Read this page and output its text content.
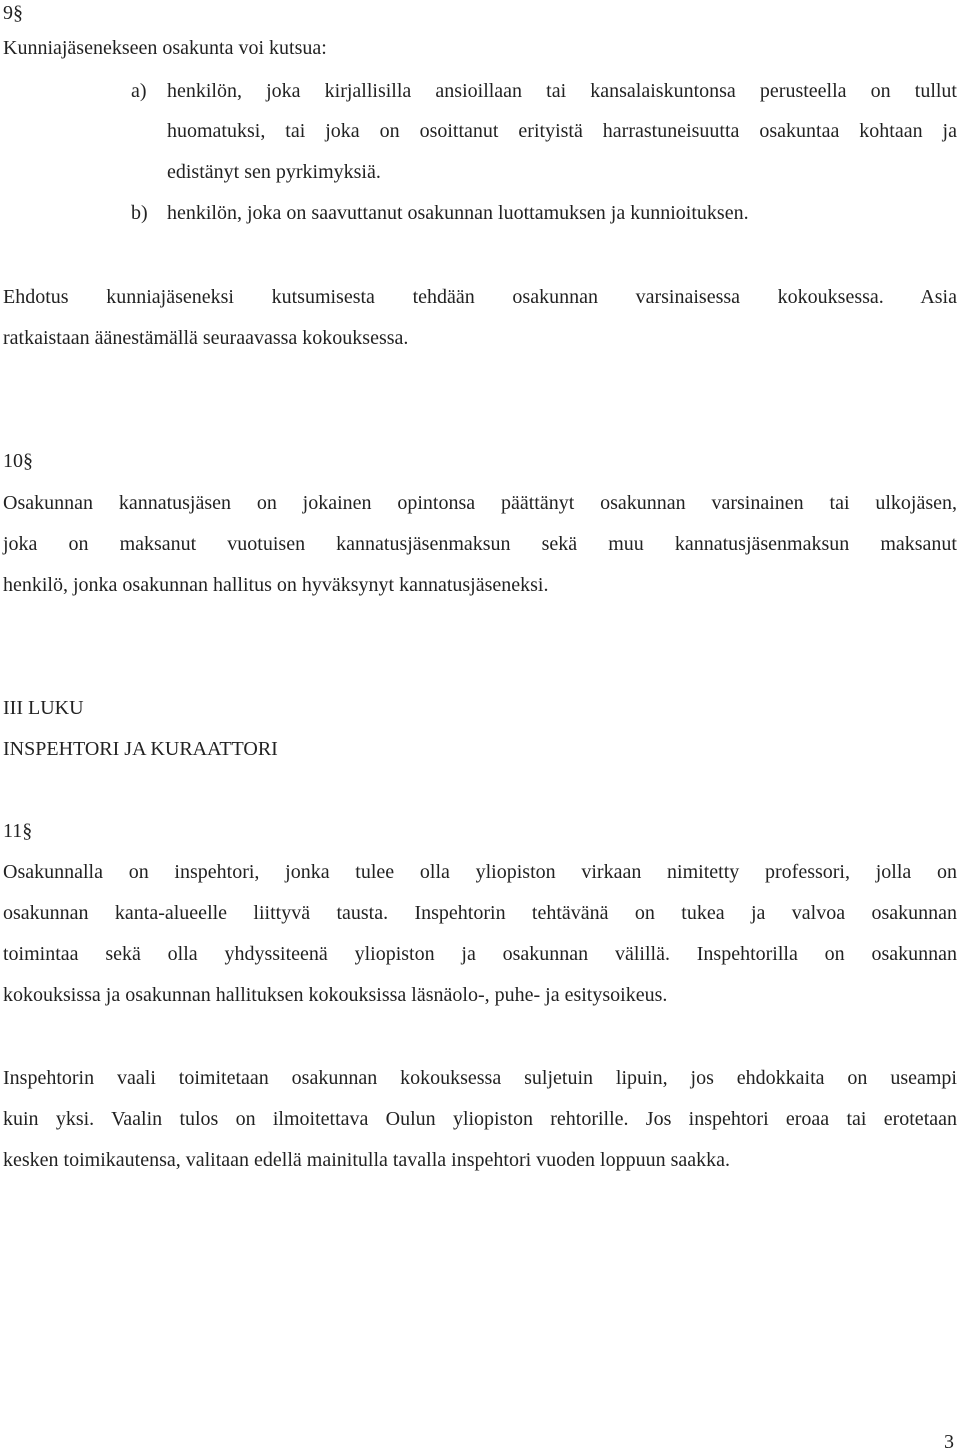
9§
Kunniajäsenekseen osakunta voi kutsua:
a) henkilön, joka kirjallisilla ansioillaan tai kansalaiskuntonsa perusteella on tullut
huomatuksi, tai joka on osoittanut erityistä harrastuneisuutta osakuntaa kohtaan ja
edistänyt sen pyrkimyksiä.
b) henkilön, joka on saavuttanut osakunnan luottamuksen ja kunnioituksen.
Ehdotus kunniajäseneksi kutsumisesta tehdään osakunnan varsinaisessa kokouksessa. Asia
ratkaistaan äänestämällä seuraavassa kokouksessa.
10§
Osakunnan kannatusjäsen on jokainen opintonsa päättänyt osakunnan varsinainen tai ulkojäsen,
joka on maksanut vuotuisen kannatusjäsenmaksun sekä muu kannatusjäsenmaksun maksanut
henkilö, jonka osakunnan hallitus on hyväksynyt kannatusjäseneksi.
III LUKU
INSPEHTORI JA KURAATTORI
11§
Osakunnalla on inspehtori, jonka tulee olla yliopiston virkaan nimitetty professori, jolla on
osakunnan kanta-alueelle liittyvä tausta. Inspehtorin tehtävänä on tukea ja valvoa osakunnan
toimintaa sekä olla yhdyssiteenä yliopiston ja osakunnan välillä. Inspehtorilla on osakunnan
kokouksissa ja osakunnan hallituksen kokouksissa läsnäolo-, puhe- ja esitysoikeus.
Inspehtorin vaali toimitetaan osakunnan kokouksessa suljetuin lipuin, jos ehdokkaita on useampi
kuin yksi. Vaalin tulos on ilmoitettava Oulun yliopiston rehtorille. Jos inspehtori eroaa tai erotetaan
kesken toimikautensa, valitaan edellä mainitulla tavalla inspehtori vuoden loppuun saakka.
3
